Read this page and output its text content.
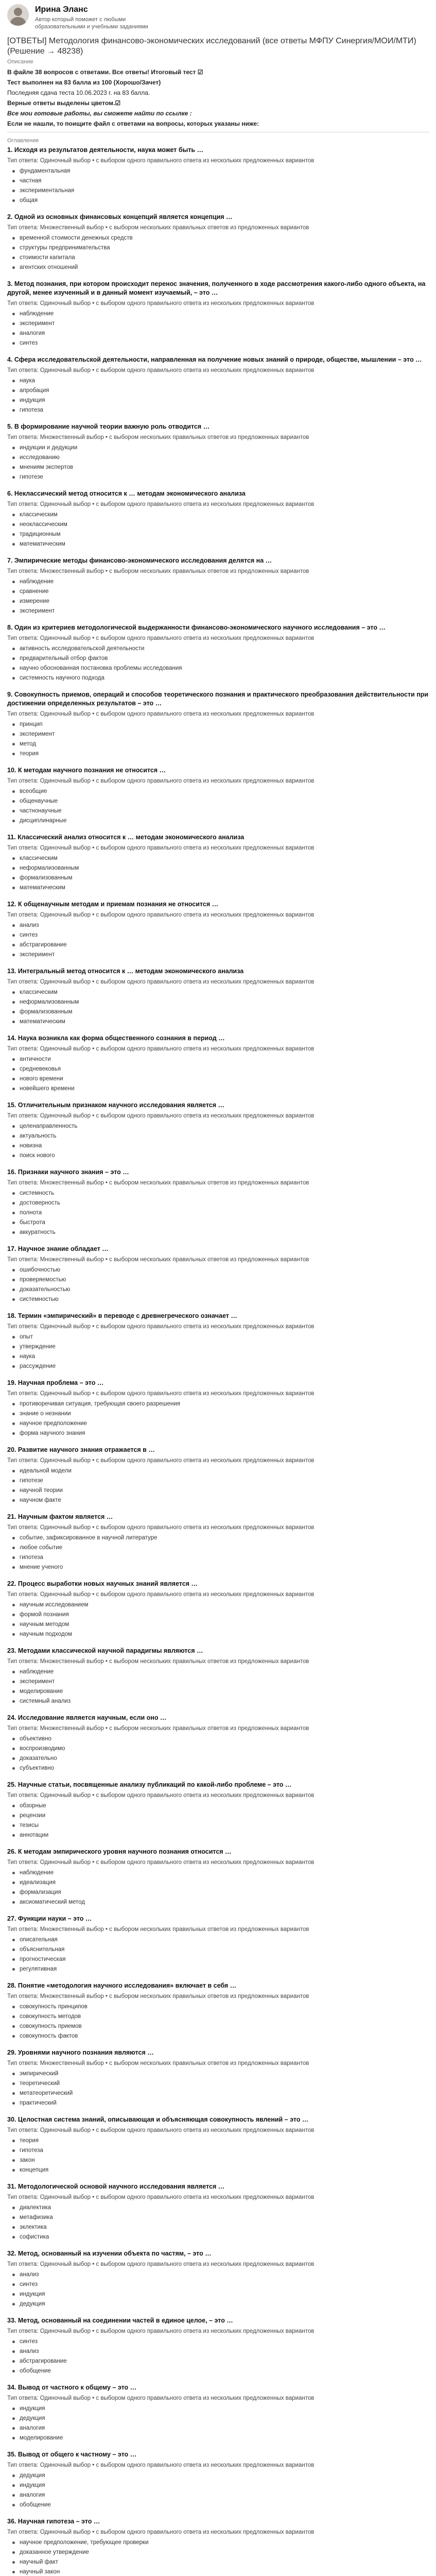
Ирина Эланс
Автор который поможет с любыми образовательными и учебными заданиями
[ОТВЕТЫ] Методология финансово-экономических исследований (все ответы МФПУ Синергия/МОИ/МТИ) (Решение → 48238)
Описание

В файле 38 вопросов с ответами. Все ответы! Итоговый тест ☑

Тест выполнен на 83 балла из 100 (Хорошо/Зачет)

Последняя сдача теста 10.06.2023 г. на 83 балла.

Верные ответы выделены цветом.☑

Все мои готовые работы, вы сможете найти по ссылке :

Если не нашли, то поищите файл с ответами на вопросы, которых указаны ниже:

Оглавление
1. Исходя из результатов деятельности, наука может быть …
Тип ответа: Одиночный выбор • с выбором одного правильного ответа из нескольких предложенных вариантов
фундаментальная
частная
экспериментальная
общая
2. Одной из основных финансовых концепций является концепция …
Тип ответа: Множественный выбор • с выбором нескольких правильных ответов из предложенных вариантов
временной стоимости денежных средств
структуры предпринимательства
стоимости капитала
агентских отношений
3. Метод познания, при котором происходит перенос значения, полученного в ходе рассмотрения какого-либо одного объекта, на другой, менее изученный и в данный момент изучаемый, – это …
Тип ответа: Одиночный выбор • с выбором одного правильного ответа из нескольких предложенных вариантов
наблюдение
эксперимент
аналогия
синтез
4. Сфера исследовательской деятельности, направленная на получение новых знаний о природе, обществе, мышлении – это …
Тип ответа: Одиночный выбор • с выбором одного правильного ответа из нескольких предложенных вариантов
наука
апробация
индукция
гипотеза
5. В формирование научной теории важную роль отводится …
Тип ответа: Множественный выбор • с выбором нескольких правильных ответов из предложенных вариантов
индукции и дедукции
исследованию
мнениям экспертов
гипотезе
6. Неклассический метод относится к … методам экономического анализа
Тип ответа: Одиночный выбор • с выбором одного правильного ответа из нескольких предложенных вариантов
классическим
неоклассическим
традиционным
математическим
7. Эмпирические методы финансово-экономического исследования делятся на …
Тип ответа: Множественный выбор • с выбором нескольких правильных ответов из предложенных вариантов
наблюдение
сравнение
измерение
эксперимент
8. Один из критериев методологической выдержанности финансово-экономического научного исследования – это …
Тип ответа: Одиночный выбор • с выбором одного правильного ответа из нескольких предложенных вариантов
активность исследовательской деятельности
предварительный отбор фактов
научно обоснованная постановка проблемы исследования
системность научного подхода
9. Совокупность приемов, операций и способов теоретического познания и практического преобразования действительности при достижении определенных результатов – это …
Тип ответа: Одиночный выбор • с выбором одного правильного ответа из нескольких предложенных вариантов
принцип
эксперимент
метод
теория
10. К методам научного познания не относится …
Тип ответа: Одиночный выбор • с выбором одного правильного ответа из нескольких предложенных вариантов
всеобщие
общенаучные
частнонаучные
дисциплинарные
11. Классический анализ относится к … методам экономического анализа
Тип ответа: Одиночный выбор • с выбором одного правильного ответа из нескольких предложенных вариантов
классическим
неформализованным
формализованным
математическим
12. К общенаучным методам и приемам познания не относится …
Тип ответа: Одиночный выбор • с выбором одного правильного ответа из нескольких предложенных вариантов
анализ
синтез
абстрагирование
эксперимент
13. Интегральный метод относится к … методам экономического анализа
Тип ответа: Одиночный выбор • с выбором одного правильного ответа из нескольких предложенных вариантов
классическим
неформализованным
формализованным
математическим
14. Наука возникла как форма общественного сознания в период …
Тип ответа: Одиночный выбор • с выбором одного правильного ответа из нескольких предложенных вариантов
античности
средневековья
нового времени
новейшего времени
15. Отличительным признаком научного исследования является …
Тип ответа: Одиночный выбор • с выбором одного правильного ответа из нескольких предложенных вариантов
целенаправленность
актуальность
новизна
поиск нового
16. Признаки научного знания – это …
Тип ответа: Множественный выбор • с выбором нескольких правильных ответов из предложенных вариантов
системность
достоверность
полнота
быстрота
аккуратность
17. Научное знание обладает …
Тип ответа: Множественный выбор • с выбором нескольких правильных ответов из предложенных вариантов
ошибочностью
проверяемостью
доказательностью
системностью
18. Термин «эмпирический» в переводе с древнегреческого означает …
Тип ответа: Одиночный выбор • с выбором одного правильного ответа из нескольких предложенных вариантов
опыт
утверждение
наука
рассуждение
19. Научная проблема – это …
Тип ответа: Одиночный выбор • с выбором одного правильного ответа из нескольких предложенных вариантов
противоречивая ситуация, требующая своего разрешения
знание о незнании
научное предположение
форма научного знания
20. Развитие научного знания отражается в …
Тип ответа: Одиночный выбор • с выбором одного правильного ответа из нескольких предложенных вариантов
идеальной модели
гипотезе
научной теории
научном факте
21. Научным фактом является …
Тип ответа: Одиночный выбор • с выбором одного правильного ответа из нескольких предложенных вариантов
событие, зафиксированное в научной литературе
любое событие
гипотеза
мнение ученого
22. Процесс выработки новых научных знаний является …
Тип ответа: Одиночный выбор • с выбором одного правильного ответа из нескольких предложенных вариантов
научным исследованием
формой познания
научным методом
научным подходом
23. Методами классической научной парадигмы являются …
Тип ответа: Множественный выбор • с выбором нескольких правильных ответов из предложенных вариантов
наблюдение
эксперимент
моделирование
системный анализ
24. Исследование является научным, если оно …
Тип ответа: Множественный выбор • с выбором нескольких правильных ответов из предложенных вариантов
объективно
воспроизводимо
доказательно
субъективно
25. Научные статьи, посвященные анализу публикаций по какой-либо проблеме – это …
Тип ответа: Одиночный выбор • с выбором одного правильного ответа из нескольких предложенных вариантов
обзорные
рецензии
тезисы
аннотации
26. К методам эмпирического уровня научного познания относится …
Тип ответа: Одиночный выбор • с выбором одного правильного ответа из нескольких предложенных вариантов
наблюдение
идеализация
формализация
аксиоматический метод
27. Функции науки – это …
Тип ответа: Множественный выбор • с выбором нескольких правильных ответов из предложенных вариантов
описательная
объяснительная
прогностическая
регулятивная
28. Понятие «методология научного исследования» включает в себя …
Тип ответа: Множественный выбор • с выбором нескольких правильных ответов из предложенных вариантов
совокупность принципов
совокупность методов
совокупность приемов
совокупность фактов
29. Уровнями научного познания являются …
Тип ответа: Множественный выбор • с выбором нескольких правильных ответов из предложенных вариантов
эмпирический
теоретический
метатеоретический
практический
30. Целостная система знаний, описывающая и объясняющая совокупность явлений – это …
Тип ответа: Одиночный выбор • с выбором одного правильного ответа из нескольких предложенных вариантов
теория
гипотеза
закон
концепция
31. Методологической основой научного исследования является …
Тип ответа: Одиночный выбор • с выбором одного правильного ответа из нескольких предложенных вариантов
диалектика
метафизика
эклектика
софистика
32. Метод, основанный на изучении объекта по частям, – это …
Тип ответа: Одиночный выбор • с выбором одного правильного ответа из нескольких предложенных вариантов
анализ
синтез
индукция
дедукция
33. Метод, основанный на соединении частей в единое целое, – это …
Тип ответа: Одиночный выбор • с выбором одного правильного ответа из нескольких предложенных вариантов
синтез
анализ
абстрагирование
обобщение
34. Вывод от частного к общему – это …
Тип ответа: Одиночный выбор • с выбором одного правильного ответа из нескольких предложенных вариантов
индукция
дедукция
аналогия
моделирование
35. Вывод от общего к частному – это …
Тип ответа: Одиночный выбор • с выбором одного правильного ответа из нескольких предложенных вариантов
дедукция
индукция
аналогия
обобщение
36. Научная гипотеза – это …
Тип ответа: Одиночный выбор • с выбором одного правильного ответа из нескольких предложенных вариантов
научное предположение, требующее проверки
доказанное утверждение
научный факт
научный закон
